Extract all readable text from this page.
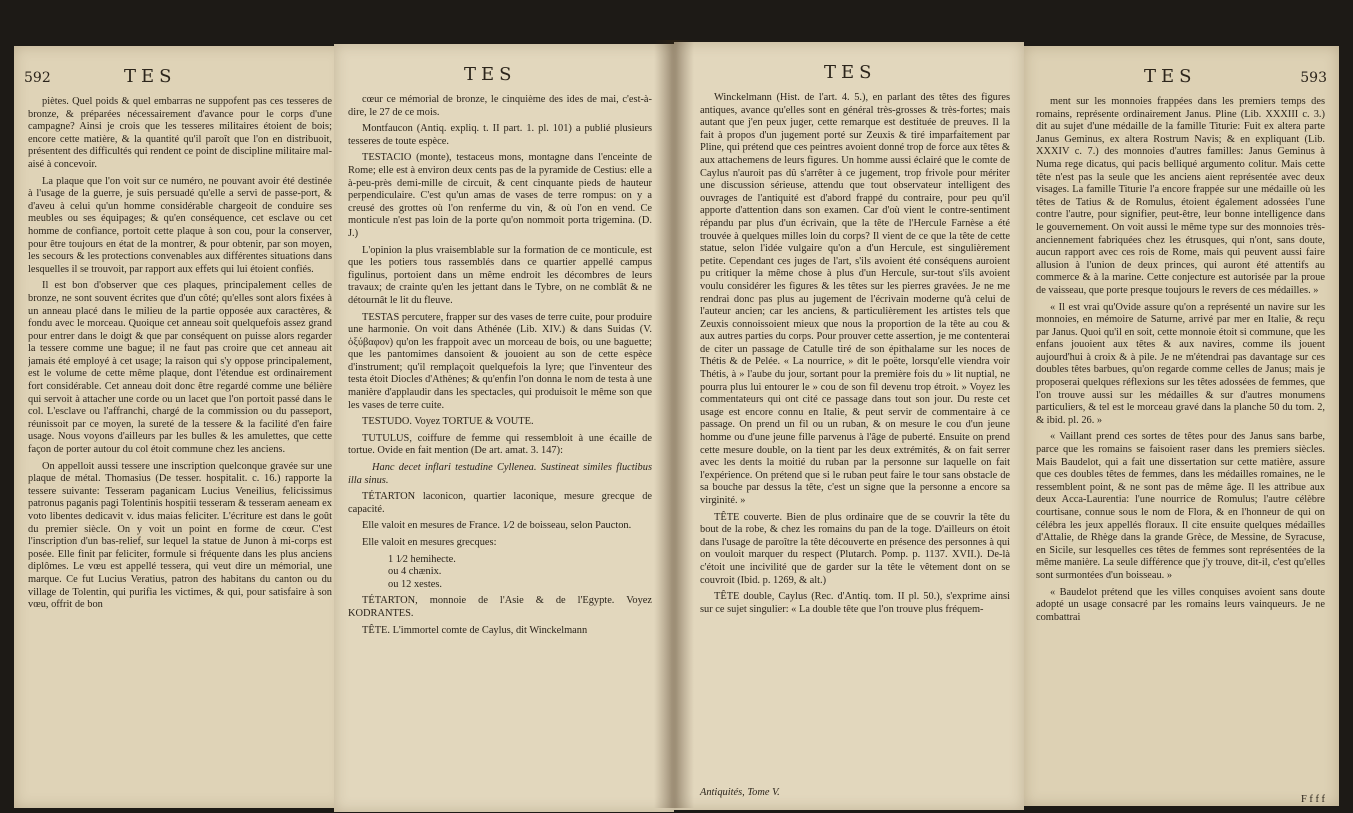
592	TES

piètes. Quel poids & quel embarras ne suppofent pas ces tesseres de bronze, & préparées nécessairement d'avance pour le corps d'une campagne? Ainsi je crois que les tesseres militaires étoient de bois; encore cette matière, & la quantité qu'il paroît que l'on en distribuoit, présentent des difficultés qui rendent ce point de discipline militaire mal-aisé à concevoir.

La plaque que l'on voit sur ce numéro, ne pouvant avoir été destinée à l'usage de la guerre, je suis persuadé qu'elle a servi de passe-port, & d'aveu à celui qu'un homme considérable chargeoit de conduire ses meubles ou ses équipages; & qu'en conséquence, cet esclave ou cet homme de confiance, portoit cette plaque à son cou, pour la conserver, pour être toujours en état de la montrer, & pour obtenir, par son moyen, les secours & les protections convenables aux différentes situations dans lesquelles il se trouvoit, par rapport aux effets qui lui étoient confiés.

Il est bon d'observer que ces plaques, principalement celles de bronze, ne sont souvent écrites que d'un côté; qu'elles sont alors fixées à un anneau placé dans le milieu de la partie opposée aux caractères, & fondu avec le morceau. Quoique cet anneau soit quelquefois assez grand pour entrer dans le doigt & que par conséquent on puisse alors regarder la tessere comme une bague; il ne faut pas croire que cet anneau ait jamais été employé à cet usage; la raison qui s'y oppose principalement, est le volume de cette même plaque, dont l'étendue est ordinairement fort considérable. Cet anneau doit donc être regardé comme une bélière qui servoit à attacher une corde ou un lacet que l'on portoit passé dans le col. L'esclave ou l'affranchi, chargé de la commission ou du passeport, réunissoit par ce moyen, la sureté de la tessere & la facilité d'en faire usage. Nous voyons d'ailleurs par les bulles & les amulettes, que cette façon de porter autour du col étoit commune chez les anciens.

On appelloit aussi tessere une inscription quelconque gravée sur une plaque de métal. Thomasius (De tesser. hospitalit. c. 16.) rapporte la tessere suivante: Tesseram paganicam Lucius Veneilius, felicissimus patronus paganis pagi Tolentinis hospitii tesseram & tesseram aeneam ex voto libentes dedicavit v. idus maias feliciter. L'écriture est dans le goût du premier siècle. On y voit un point en forme de cœur. C'est l'inscription d'un bas-relief, sur lequel la statue de Junon à mi-corps est posée. Elle finit par feliciter, formule si fréquente dans les plus anciens diplômes. Le vœu est appellé tessera, qui veut dire un mémorial, une marque. Ce fut Lucius Veratius, patron des habitans du canton ou du village de Tolentin, qui purifia les victimes, & qui, pour satisfaire à son vœu, offrit de bon

TES

cœur ce mémorial de bronze, le cinquième des ides de mai, c'est-à-dire, le 27 de ce mois.

Montfaucon (Antiq. expliq. t. II part. 1. pl. 101) a publié plusieurs tesseres de toute espèce.

TESTACIO (monte), testaceus mons, montagne dans l'enceinte de Rome; elle est à environ deux cents pas de la pyramide de Cestius: elle a à-peu-près demi-mille de circuit, & cent cinquante pieds de hauteur perpendiculaire. C'est qu'un amas de vases de terre rompus: on y a creusé des grottes où l'on renferme du vin, & où l'on en vend. Ce monticule n'est pas loin de la porte qu'on nommoit porta trigemina. (D. J.)

L'opinion la plus vraisemblable sur la formation de ce monticule, est que les potiers tous rassemblés dans ce quartier appellé campus figulinus, portoient dans un même endroit les décombres de leurs travaux; de crainte qu'en les jettant dans le Tybre, on ne comblât & ne détournât le lit du fleuve.

TESTAS percutere, frapper sur des vases de terre cuite, pour produire une harmonie. On voit dans Athénée (Lib. XIV.) & dans Suidas (V. ὀξύβαφον) qu'on les frappoit avec un morceau de bois, ou une baguette; que les pantomimes dansoient & jouoient au son de cette espèce d'instrument; qu'il remplaçoit quelquefois la lyre; que l'inventeur des testa étoit Diocles d'Athènes; & qu'enfin l'on donna le nom de testa à une manière d'applaudir dans les spectacles, qui produisoit le même son que les vases de terre cuite.

TESTUDO. Voyez TORTUE & VOUTE.

TUTULUS, coiffure de femme qui ressembloit à une écaille de tortue. Ovide en fait mention (De art. amat. 3. 147):

Hanc decet inflari testudine Cyllenea. Sustineat similes fluctibus illa sinus.

TÉTARTON laconicon, quartier laconique, mesure grecque de capacité.

Elle valoit en mesures de France. 1⁄2 de boisseau, selon Paucton.

Elle valoit en mesures grecques:

1 1⁄2 hemihecte.

ou 4 chænix.

ou 12 xestes.

TÉTARTON, monnoie de l'Asie & de l'Egypte. Voyez KODRANTES.

TÊTE. L'immortel comte de Caylus, dit Winckelmann

TES

Winckelmann (Hist. de l'art. 4. 5.), en parlant des têtes des figures antiques, avance qu'elles sont en général très-grosses & très-fortes; mais autant que j'en peux juger, cette remarque est destituée de preuves. Il la fait à propos d'un jugement porté sur Zeuxis & tiré imparfaitement par Pline, qui prétend que ces peintres avoient donné trop de force aux têtes & aux attachemens de leurs figures. Un homme aussi éclairé que le comte de Caylus n'auroit pas dû s'arrêter à ce jugement, trop frivole pour mériter une discussion sérieuse, attendu que tout observateur intelligent des ouvrages de l'antiquité est d'abord frappé du contraire, pour peu qu'il apporte d'attention dans son examen. Car d'où vient le contre-sentiment répandu par plus d'un écrivain, que la tête de l'Hercule Farnèse a été trouvée à quelques milles loin du corps? Il vient de ce que la tête de cette statue, selon l'idée vulgaire qu'on a d'un Hercule, est singulièrement petite. Cependant ces juges de l'art, s'ils avoient été conséquens auroient pu critiquer la même chose à plus d'un Hercule, sur-tout s'ils avoient voulu considérer les figures & les têtes sur les pierres gravées. Je ne me rendrai donc pas plus au jugement de l'écrivain moderne qu'à celui de l'auteur ancien; car les anciens, & particulièrement les artistes tels que Zeuxis connoissoient mieux que nous la proportion de la tête au cou & aux autres parties du corps. Pour prouver cette assertion, je me contenterai de citer un passage de Catulle tiré de son épithalame sur les noces de Thétis & de Pelée. « La nourrice, » dit le poëte, lorsqu'elle viendra voir Thétis, à » l'aube du jour, sortant pour la première fois du » lit nuptial, ne pourra plus lui entourer le » cou de son fil devenu trop étroit. » Voyez les commentateurs qui ont cité ce passage dans tout son jour. Du reste cet usage est encore connu en Italie, & peut servir de commentaire à ce passage. On prend un fil ou un ruban, & on mesure le cou d'un jeune homme ou d'une jeune fille parvenus à l'âge de puberté. Ensuite on prend cette mesure double, on la tient par les deux extrémités, & on fait serrer avec les dents la moitié du ruban par la personne sur laquelle on fait l'expérience. On prétend que si le ruban peut faire le tour sans obstacle de sa bouche par dessus la tête, c'est un signe que la personne a encore sa virginité. »

TÊTE couverte. Bien de plus ordinaire que de se couvrir la tête du bout de la robe, & chez les romains du pan de la toge. D'ailleurs on étoit dans l'usage de paroître la tête découverte en présence des personnes à qui on vouloit marquer du respect (Plutarch. Pomp. p. 1137. XVII.). De-là c'étoit une incivilité que de garder sur la tête le vêtement dont on se couvroit (Ibid. p. 1269, & alt.)

TÊTE double, Caylus (Rec. d'Antiq. tom. II pl. 50.), s'exprime ainsi sur ce sujet singulier: « La double tête que l'on trouve plus fréquem-

Antiquités, Tome V.
TES	593

ment sur les monnoies frappées dans les premiers temps des romains, représente ordinairement Janus. Pline (Lib. XXXIII c. 3.) dit au sujet d'une médaille de la famille Titurie: Fuit ex altera parte Janus Geminus, ex altera Rostrum Navis; & en expliquant (Lib. XXXIV c. 7.) des monnoies d'autres familles: Janus Geminus à Numa rege dicatus, qui pacis belliqué argumento colitur. Mais cette tête n'est pas la seule que les anciens aient représentée avec deux visages. La famille Titurie l'a encore frappée sur une médaille où les têtes de Tatius & de Romulus, étoient également adossées l'une contre l'autre, pour signifier, peut-être, leur bonne intelligence dans le gouvernement. On voit aussi le même type sur des monnoies très-anciennement fabriquées chez les étrusques, qui n'ont, sans doute, aucun rapport avec ces rois de Rome, mais qui peuvent aussi faire allusion à l'union de deux princes, qui auront été attentifs au commerce & à la marine. Cette conjecture est autorisée par la proue de vaisseau, que porte presque toujours le revers de ces médailles. »

« Il est vrai qu'Ovide assure qu'on a représenté un navire sur les monnoies, en mémoire de Saturne, arrivé par mer en Italie, & reçu par Janus. Quoi qu'il en soit, cette monnoie étoit si commune, que les enfans jouoient aux têtes & aux navires, comme ils jouent aujourd'hui à croix & à pile. Je ne m'étendrai pas davantage sur ces doubles têtes barbues, qu'on regarde comme celles de Janus; mais je proposerai quelques réflexions sur les têtes adossées de femmes, que l'on trouve aussi sur les médailles & sur d'autres monumens particuliers, & tel est le morceau gravé dans la planche 50 du tom. 2, & ibid. pl. 26. »

« Vaillant prend ces sortes de têtes pour des Janus sans barbe, parce que les romains se faisoient raser dans les premiers siècles. Mais Baudelot, qui a fait une dissertation sur cette matière, assure que ces doubles têtes de femmes, dans les médailles romaines, ne le ressemblent point, & ne sont pas de même âge. Il les attribue aux deux Acca-Laurentia: l'une nourrice de Romulus; l'autre célèbre courtisane, connue sous le nom de Flora, & en l'honneur de qui on célébra les jeux appellés floraux. Il cite ensuite quelques médailles d'Attalie, de Rhège dans la grande Grèce, de Messine, de Syracuse, en Sicile, sur lesquelles ces têtes de femmes sont représentées de la même manière. La seule différence que j'y trouve, dit-il, c'est qu'elles sont surmontées d'un boisseau. »

« Baudelot prétend que les villes conquises avoient sans doute adopté un usage consacré par les romains leurs vainqueurs. Je ne combattrai

F f f f
